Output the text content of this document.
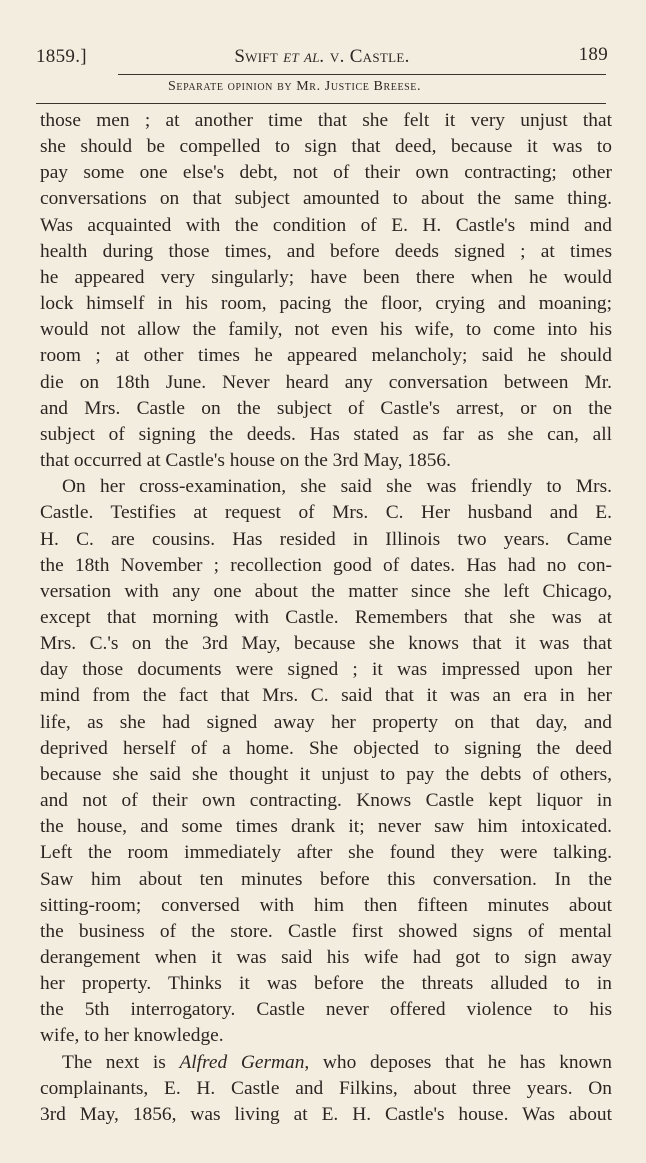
1859.]	Swift et al. v. Castle.	189
Separate opinion by Mr. Justice Breese.
those men ; at another time that she felt it very unjust that
she should be compelled to sign that deed, because it was to
pay some one else's debt, not of their own contracting; other
conversations on that subject amounted to about the same thing.
Was acquainted with the condition of E. H. Castle's mind and
health during those times, and before deeds signed ; at times
he appeared very singularly; have been there when he would
lock himself in his room, pacing the floor, crying and moaning;
would not allow the family, not even his wife, to come into his
room ; at other times he appeared melancholy; said he should
die on 18th June. Never heard any conversation between Mr.
and Mrs. Castle on the subject of Castle's arrest, or on the
subject of signing the deeds. Has stated as far as she can, all
that occurred at Castle's house on the 3rd May, 1856.
On her cross-examination, she said she was friendly to Mrs.
Castle. Testifies at request of Mrs. C. Her husband and E.
H. C. are cousins. Has resided in Illinois two years. Came
the 18th November ; recollection good of dates. Has had no con-
versation with any one about the matter since she left Chicago,
except that morning with Castle. Remembers that she was at
Mrs. C.'s on the 3rd May, because she knows that it was that
day those documents were signed ; it was impressed upon her
mind from the fact that Mrs. C. said that it was an era in her
life, as she had signed away her property on that day, and
deprived herself of a home. She objected to signing the deed
because she said she thought it unjust to pay the debts of others,
and not of their own contracting. Knows Castle kept liquor in
the house, and some times drank it; never saw him intoxicated.
Left the room immediately after she found they were talking.
Saw him about ten minutes before this conversation. In the
sitting-room; conversed with him then fifteen minutes about
the business of the store. Castle first showed signs of mental
derangement when it was said his wife had got to sign away
her property. Thinks it was before the threats alluded to in
the 5th interrogatory. Castle never offered violence to his
wife, to her knowledge.
The next is Alfred German, who deposes that he has known
complainants, E. H. Castle and Filkins, about three years. On
3rd May, 1856, was living at E. H. Castle's house. Was about
